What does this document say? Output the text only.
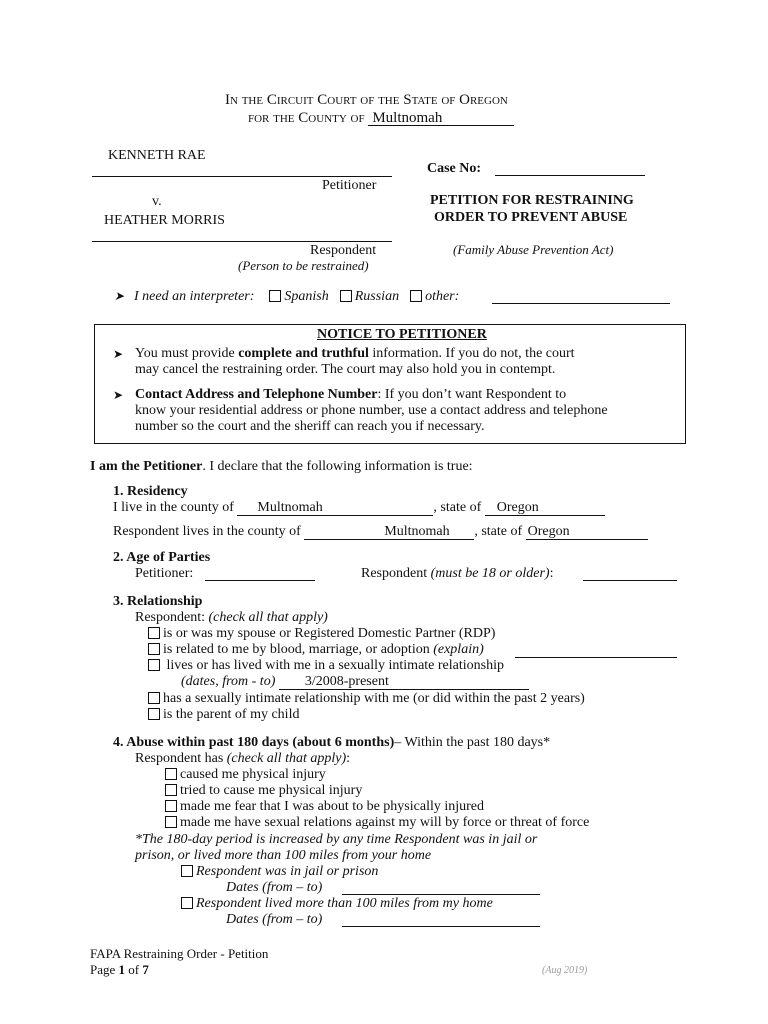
In the Circuit Court of the State of Oregon
for the County of Multnomah
KENNETH RAE
Petitioner
v.
HEATHER MORRIS
Respondent
(Person to be restrained)
Case No:
PETITION FOR RESTRAINING
ORDER TO PREVENT ABUSE
(Family Abuse Prevention Act)
➤ I need an interpreter: Spanish Russian other:
NOTICE TO PETITIONER
➤ You must provide complete and truthful information. If you do not, the court
may cancel the restraining order. The court may also hold you in contempt.
➤ Contact Address and Telephone Number: If you don’t want Respondent to
know your residential address or phone number, use a contact address and telephone
number so the court and the sheriff can reach you if necessary.
I am the Petitioner. I declare that the following information is true:
1. Residency
I live in the county of Multnomah	, state of Oregon
Respondent lives in the county of	Multnomah , state of Oregon
2. Age of Parties
Petitioner:	Respondent (must be 18 or older):
3. Relationship
Respondent: (check all that apply)
is or was my spouse or Registered Domestic Partner (RDP)
is related to me by blood, marriage, or adoption (explain)
lives or has lived with me in a sexually intimate relationship
(dates, from - to) 3/2008-present
has a sexually intimate relationship with me (or did within the past 2 years)
is the parent of my child
4. Abuse within past 180 days (about 6 months)– Within the past 180 days*
Respondent has (check all that apply):
caused me physical injury
tried to cause me physical injury
made me fear that I was about to be physically injured
made me have sexual relations against my will by force or threat of force
*The 180-day period is increased by any time Respondent was in jail or
prison, or lived more than 100 miles from your home
Respondent was in jail or prison
Dates (from – to)
Respondent lived more than 100 miles from my home
Dates (from – to)
FAPA Restraining Order - Petition
Page 1 of 7	(Aug 2019)
